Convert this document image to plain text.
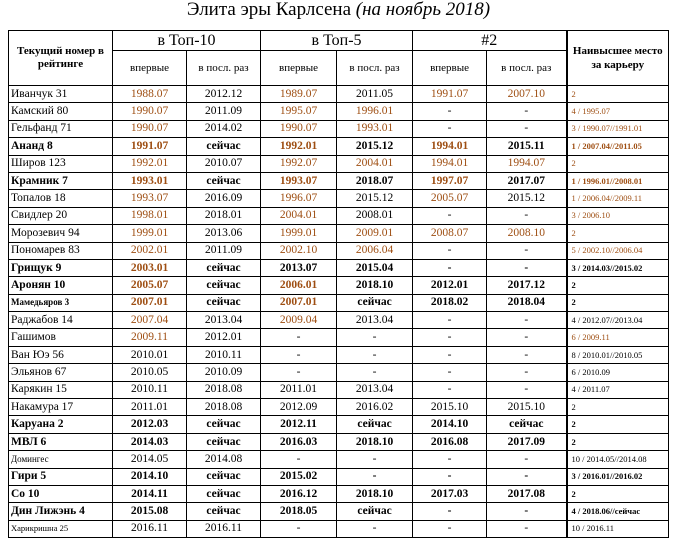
Элита эры Карлсена (на ноябрь 2018)
Текущий номер в рейтинге	в Топ-10		в Топ-5		#2		Наивысшее место за карьеру
	впервые	в посл. раз	впервые	в посл. раз	впервые	в посл. раз	
Иванчук 31	1988.07	2012.12	1989.07	2011.05	1991.07	2007.10	2
Камский 80	1990.07	2011.09	1995.07	1996.01	-	-	4 / 1995.07
Гельфанд 71	1990.07	2014.02	1990.07	1993.01	-	-	3 / 1990.07//1991.01
Ананд 8	1991.07	сейчас	1992.01	2015.12	1994.01	2015.11	1 / 2007.04//2011.05
Широв 123	1992.01	2010.07	1992.07	2004.01	1994.01	1994.07	2
Крамник 7	1993.01	сейчас	1993.07	2018.07	1997.07	2017.07	1 / 1996.01//2008.01
Топалов 18	1993.07	2016.09	1996.07	2015.12	2005.07	2015.12	1 / 2006.04//2009.11
Свидлер 20	1998.01	2018.01	2004.01	2008.01	-	-	3 / 2006.10
Морозевич 94	1999.01	2013.06	1999.01	2009.01	2008.07	2008.10	2
Пономарев 83	2002.01	2011.09	2002.10	2006.04	-	-	5 / 2002.10//2006.04
Грищук 9	2003.01	сейчас	2013.07	2015.04	-	-	3 / 2014.03//2015.02
Аронян 10	2005.07	сейчас	2006.01	2018.10	2012.01	2017.12	2
Мамедьяров 3	2007.01	сейчас	2007.01	сейчас	2018.02	2018.04	2
Раджабов 14	2007.04	2013.04	2009.04	2013.04	-	-	4 / 2012.07//2013.04
Гашимов	2009.11	2012.01	-	-	-	-	6 / 2009.11
Ван Юэ 56	2010.01	2010.11	-	-	-	-	8 / 2010.01//2010.05
Эльянов 67	2010.05	2010.09	-	-	-	-	6 / 2010.09
Карякин 15	2010.11	2018.08	2011.01	2013.04	-	-	4 / 2011.07
Накамура 17	2011.01	2018.08	2012.09	2016.02	2015.10	2015.10	2
Каруана 2	2012.03	сейчас	2012.11	сейчас	2014.10	сейчас	2
МВЛ 6	2014.03	сейчас	2016.03	2018.10	2016.08	2017.09	2
Домингес	2014.05	2014.08	-	-	-	-	10 / 2014.05//2014.08
Гири 5	2014.10	сейчас	2015.02	-	-	-	3 / 2016.01//2016.02
Со 10	2014.11	сейчас	2016.12	2018.10	2017.03	2017.08	2
Дин Лижэнь 4	2015.08	сейчас	2018.05	сейчас	-	-	4 / 2018.06//сейчас
Харикришна 25	2016.11	2016.11	-	-	-	-	10 / 2016.11
